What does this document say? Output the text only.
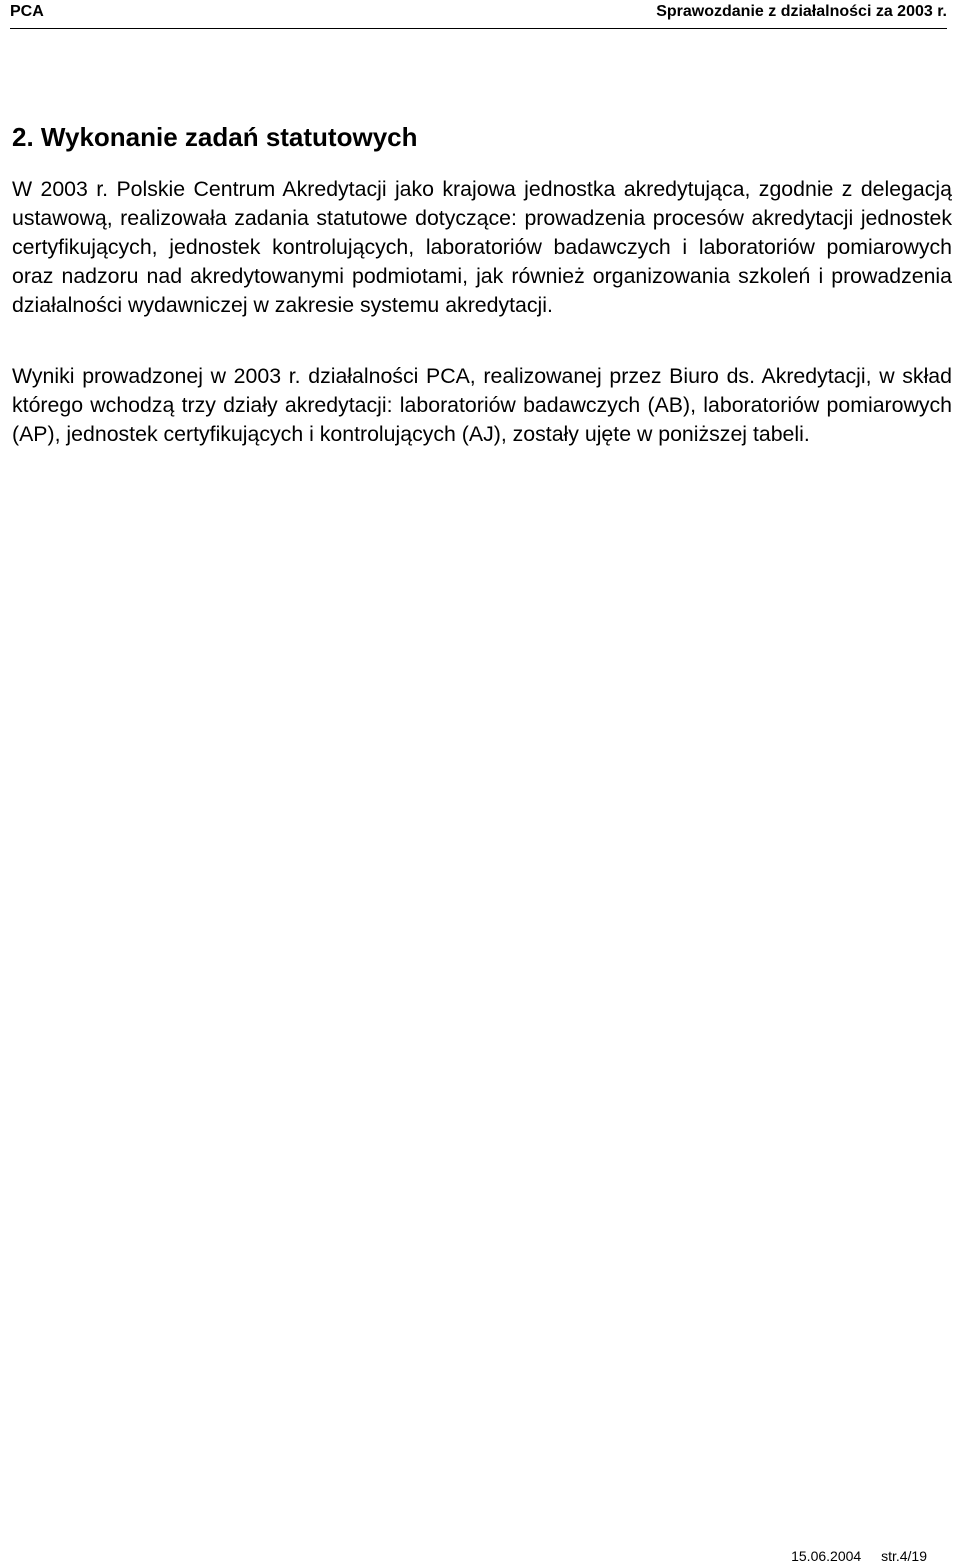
PCA	Sprawozdanie z działalności za 2003 r.
2. Wykonanie zadań statutowych

W 2003 r. Polskie Centrum Akredytacji jako krajowa jednostka akredytująca, zgodnie z delegacją ustawową, realizowała zadania statutowe dotyczące: prowadzenia procesów akredytacji jednostek certyfikujących, jednostek kontrolujących, laboratoriów badawczych i laboratoriów pomiarowych oraz nadzoru nad akredytowanymi podmiotami, jak również organizowania szkoleń i prowadzenia działalności wydawniczej w zakresie systemu akredytacji.

Wyniki prowadzonej w 2003 r. działalności PCA, realizowanej przez Biuro ds. Akredytacji, w skład którego wchodzą trzy działy akredytacji: laboratoriów badawczych (AB), laboratoriów pomiarowych (AP), jednostek certyfikujących i kontrolujących (AJ), zostały ujęte w poniższej tabeli.

15.06.2004 str.4/19
